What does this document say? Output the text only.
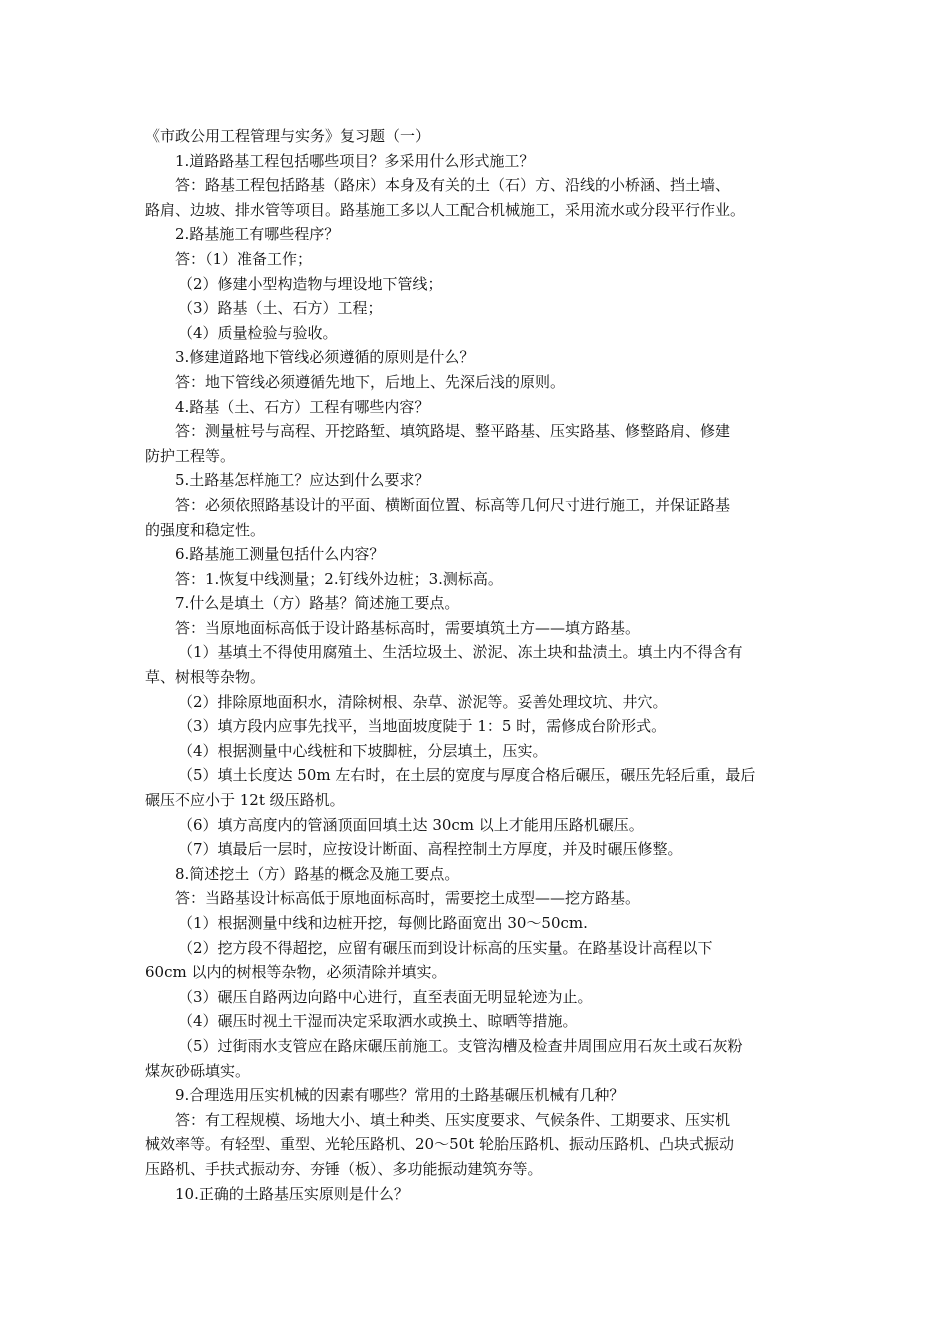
《市政公用工程管理与实务》复习题（一）
1.道路路基工程包括哪些项目？多采用什么形式施工？
答：路基工程包括路基（路床）本身及有关的土（石）方、沿线的小桥涵、挡土墙、
路肩、边坡、排水管等项目。路基施工多以人工配合机械施工，采用流水或分段平行作业。
2.路基施工有哪些程序？
答：（1）准备工作；
（2）修建小型构造物与埋设地下管线；
（3）路基（土、石方）工程；
（4）质量检验与验收。
3.修建道路地下管线必须遵循的原则是什么？
答：地下管线必须遵循先地下，后地上、先深后浅的原则。
4.路基（土、石方）工程有哪些内容？
答：测量桩号与高程、开挖路堑、填筑路堤、整平路基、压实路基、修整路肩、修建
防护工程等。
5.土路基怎样施工？应达到什么要求？
答：必须依照路基设计的平面、横断面位置、标高等几何尺寸进行施工，并保证路基
的强度和稳定性。
6.路基施工测量包括什么内容？
答：1.恢复中线测量；2.钉线外边桩；3.测标高。
7.什么是填土（方）路基？简述施工要点。
答：当原地面标高低于设计路基标高时，需要填筑土方——填方路基。
（1）基填土不得使用腐殖土、生活垃圾土、淤泥、冻土块和盐渍土。填土内不得含有
草、树根等杂物。
（2）排除原地面积水，清除树根、杂草、淤泥等。妥善处理坟坑、井穴。
（3）填方段内应事先找平，当地面坡度陡于 1：5 时，需修成台阶形式。
（4）根据测量中心线桩和下坡脚桩，分层填土，压实。
（5）填土长度达 50m 左右时，在土层的宽度与厚度合格后碾压，碾压先轻后重，最后
碾压不应小于 12t 级压路机。
（6）填方高度内的管涵顶面回填土达 30cm 以上才能用压路机碾压。
（7）填最后一层时，应按设计断面、高程控制土方厚度，并及时碾压修整。
8.简述挖土（方）路基的概念及施工要点。
答：当路基设计标高低于原地面标高时，需要挖土成型——挖方路基。
（1）根据测量中线和边桩开挖，每侧比路面宽出 30～50cm.
（2）挖方段不得超挖，应留有碾压而到设计标高的压实量。在路基设计高程以下
60cm 以内的树根等杂物，必须清除并填实。
（3）碾压自路两边向路中心进行，直至表面无明显轮迹为止。
（4）碾压时视土干湿而决定采取洒水或换土、晾晒等措施。
（5）过街雨水支管应在路床碾压前施工。支管沟槽及检查井周围应用石灰土或石灰粉
煤灰砂砾填实。
9.合理选用压实机械的因素有哪些？常用的土路基碾压机械有几种？
答：有工程规模、场地大小、填土种类、压实度要求、气候条件、工期要求、压实机
械效率等。有轻型、重型、光轮压路机、20～50t 轮胎压路机、振动压路机、凸块式振动
压路机、手扶式振动夯、夯锤（板）、多功能振动建筑夯等。
10.正确的土路基压实原则是什么？
